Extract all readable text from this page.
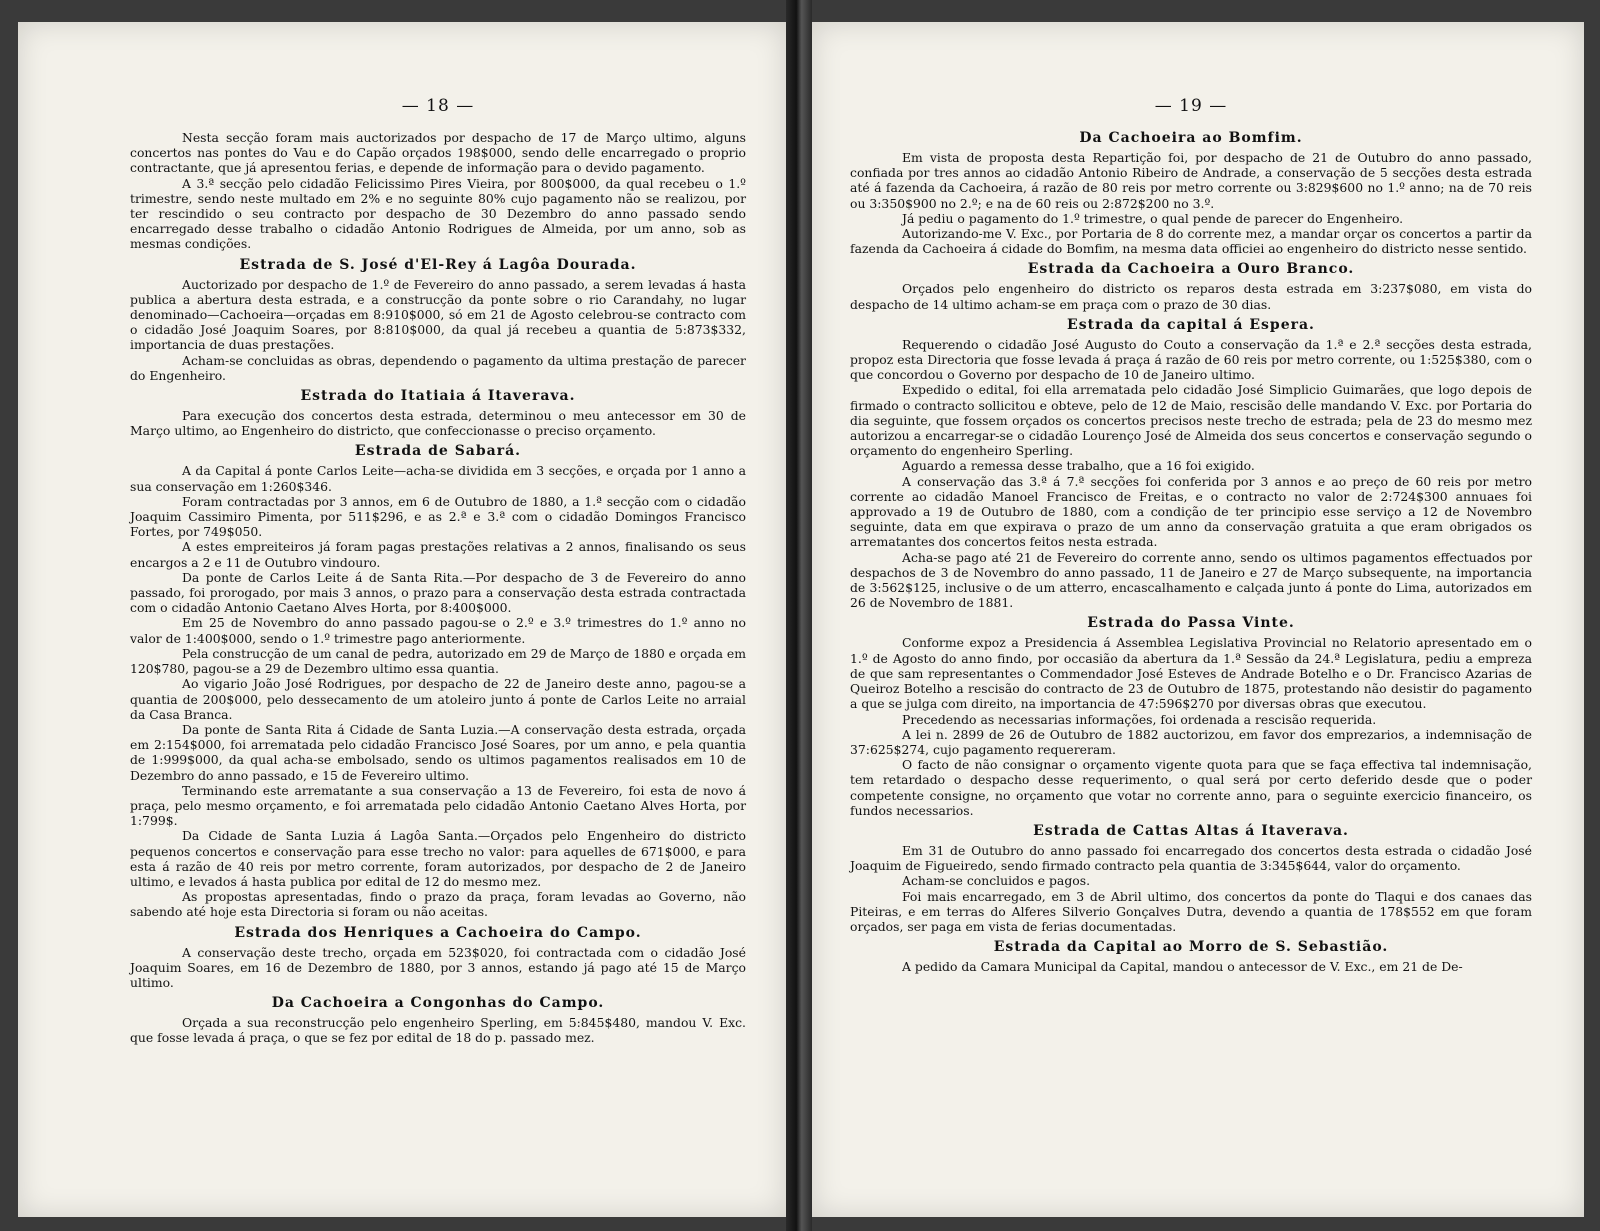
— 18 —

Nesta secção foram mais auctorizados por despacho de 17 de Março ultimo, alguns concertos nas pontes do Vau e do Capão orçados 198$000, sendo delle encarregado o proprio contractante, que já apresentou ferias, e depende de informação para o devido pagamento.

A 3.ª secção pelo cidadão Felicissimo Pires Vieira, por 800$000, da qual recebeu o 1.º trimestre, sendo neste multado em 2% e no seguinte 80% cujo pagamento não se realizou, por ter rescindido o seu contracto por despacho de 30 Dezembro do anno passado sendo encarregado desse trabalho o cidadão Antonio Rodrigues de Almeida, por um anno, sob as mesmas condições.

Estrada de S. José d'El-Rey á Lagôa Dourada.

Auctorizado por despacho de 1.º de Fevereiro do anno passado, a serem levadas á hasta publica a abertura desta estrada, e a construcção da ponte sobre o rio Carandahy, no lugar denominado—Cachoeira—orçadas em 8:910$000, só em 21 de Agosto celebrou-se contracto com o cidadão José Joaquim Soares, por 8:810$000, da qual já recebeu a quantia de 5:873$332, importancia de duas prestações.

Acham-se concluidas as obras, dependendo o pagamento da ultima prestação de parecer do Engenheiro.

Estrada do Itatiaia á Itaverava.

Para execução dos concertos desta estrada, determinou o meu antecessor em 30 de Março ultimo, ao Engenheiro do districto, que confeccionasse o preciso orçamento.

Estrada de Sabará.

A da Capital á ponte Carlos Leite—acha-se dividida em 3 secções, e orçada por 1 anno a sua conservação em 1:260$346.

Foram contractadas por 3 annos, em 6 de Outubro de 1880, a 1.ª secção com o cidadão Joaquim Cassimiro Pimenta, por 511$296, e as 2.ª e 3.ª com o cidadão Domingos Francisco Fortes, por 749$050.

A estes empreiteiros já foram pagas prestações relativas a 2 annos, finalisando os seus encargos a 2 e 11 de Outubro vindouro.

Da ponte de Carlos Leite á de Santa Rita.—Por despacho de 3 de Fevereiro do anno passado, foi prorogado, por mais 3 annos, o prazo para a conservação desta estrada contractada com o cidadão Antonio Caetano Alves Horta, por 8:400$000.

Em 25 de Novembro do anno passado pagou-se o 2.º e 3.º trimestres do 1.º anno no valor de 1:400$000, sendo o 1.º trimestre pago anteriormente.

Pela construcção de um canal de pedra, autorizado em 29 de Março de 1880 e orçada em 120$780, pagou-se a 29 de Dezembro ultimo essa quantia.

Ao vigario João José Rodrigues, por despacho de 22 de Janeiro deste anno, pagou-se a quantia de 200$000, pelo dessecamento de um atoleiro junto á ponte de Carlos Leite no arraial da Casa Branca.

Da ponte de Santa Rita á Cidade de Santa Luzia.—A conservação desta estrada, orçada em 2:154$000, foi arrematada pelo cidadão Francisco José Soares, por um anno, e pela quantia de 1:999$000, da qual acha-se embolsado, sendo os ultimos pagamentos realisados em 10 de Dezembro do anno passado, e 15 de Fevereiro ultimo.

Terminando este arrematante a sua conservação a 13 de Fevereiro, foi esta de novo á praça, pelo mesmo orçamento, e foi arrematada pelo cidadão Antonio Caetano Alves Horta, por 1:799$.

Da Cidade de Santa Luzia á Lagôa Santa.—Orçados pelo Engenheiro do districto pequenos concertos e conservação para esse trecho no valor: para aquelles de 671$000, e para esta á razão de 40 reis por metro corrente, foram autorizados, por despacho de 2 de Janeiro ultimo, e levados á hasta publica por edital de 12 do mesmo mez.

As propostas apresentadas, findo o prazo da praça, foram levadas ao Governo, não sabendo até hoje esta Directoria si foram ou não aceitas.

Estrada dos Henriques a Cachoeira do Campo.

A conservação deste trecho, orçada em 523$020, foi contractada com o cidadão José Joaquim Soares, em 16 de Dezembro de 1880, por 3 annos, estando já pago até 15 de Março ultimo.

Da Cachoeira a Congonhas do Campo.

Orçada a sua reconstrucção pelo engenheiro Sperling, em 5:845$480, mandou V. Exc. que fosse levada á praça, o que se fez por edital de 18 do p. passado mez.

— 19 —
Da Cachoeira ao Bomfim.

Em vista de proposta desta Repartição foi, por despacho de 21 de Outubro do anno passado, confiada por tres annos ao cidadão Antonio Ribeiro de Andrade, a conservação de 5 secções desta estrada até á fazenda da Cachoeira, á razão de 80 reis por metro corrente ou 3:829$600 no 1.º anno; na de 70 reis ou 3:350$900 no 2.º; e na de 60 reis ou 2:872$200 no 3.º.

Já pediu o pagamento do 1.º trimestre, o qual pende de parecer do Engenheiro.

Autorizando-me V. Exc., por Portaria de 8 do corrente mez, a mandar orçar os concertos a partir da fazenda da Cachoeira á cidade do Bomfim, na mesma data officiei ao engenheiro do districto nesse sentido.

Estrada da Cachoeira a Ouro Branco.

Orçados pelo engenheiro do districto os reparos desta estrada em 3:237$080, em vista do despacho de 14 ultimo acham-se em praça com o prazo de 30 dias.

Estrada da capital á Espera.

Requerendo o cidadão José Augusto do Couto a conservação da 1.ª e 2.ª secções desta estrada, propoz esta Directoria que fosse levada á praça á razão de 60 reis por metro corrente, ou 1:525$380, com o que concordou o Governo por despacho de 10 de Janeiro ultimo.

Expedido o edital, foi ella arrematada pelo cidadão José Simplicio Guimarães, que logo depois de firmado o contracto sollicitou e obteve, pelo de 12 de Maio, rescisão delle mandando V. Exc. por Portaria do dia seguinte, que fossem orçados os concertos precisos neste trecho de estrada; pela de 23 do mesmo mez autorizou a encarregar-se o cidadão Lourenço José de Almeida dos seus concertos e conservação segundo o orçamento do engenheiro Sperling.

Aguardo a remessa desse trabalho, que a 16 foi exigido.

A conservação das 3.ª á 7.ª secções foi conferida por 3 annos e ao preço de 60 reis por metro corrente ao cidadão Manoel Francisco de Freitas, e o contracto no valor de 2:724$300 annuaes foi approvado a 19 de Outubro de 1880, com a condição de ter principio esse serviço a 12 de Novembro seguinte, data em que expirava o prazo de um anno da conservação gratuita a que eram obrigados os arrematantes dos concertos feitos nesta estrada.

Acha-se pago até 21 de Fevereiro do corrente anno, sendo os ultimos pagamentos effectuados por despachos de 3 de Novembro do anno passado, 11 de Janeiro e 27 de Março subsequente, na importancia de 3:562$125, inclusive o de um atterro, encascalhamento e calçada junto á ponte do Lima, autorizados em 26 de Novembro de 1881.

Estrada do Passa Vinte.

Conforme expoz a Presidencia á Assemblea Legislativa Provincial no Relatorio apresentado em o 1.º de Agosto do anno findo, por occasião da abertura da 1.ª Sessão da 24.ª Legislatura, pediu a empreza de que sam representantes o Commendador José Esteves de Andrade Botelho e o Dr. Francisco Azarias de Queiroz Botelho a rescisão do contracto de 23 de Outubro de 1875, protestando não desistir do pagamento a que se julga com direito, na importancia de 47:596$270 por diversas obras que executou.

Precedendo as necessarias informações, foi ordenada a rescisão requerida.

A lei n. 2899 de 26 de Outubro de 1882 auctorizou, em favor dos emprezarios, a indemnisação de 37:625$274, cujo pagamento requereram.

O facto de não consignar o orçamento vigente quota para que se faça effectiva tal indemnisação, tem retardado o despacho desse requerimento, o qual será por certo deferido desde que o poder competente consigne, no orçamento que votar no corrente anno, para o seguinte exercicio financeiro, os fundos necessarios.

Estrada de Cattas Altas á Itaverava.

Em 31 de Outubro do anno passado foi encarregado dos concertos desta estrada o cidadão José Joaquim de Figueiredo, sendo firmado contracto pela quantia de 3:345$644, valor do orçamento.

Acham-se concluidos e pagos.

Foi mais encarregado, em 3 de Abril ultimo, dos concertos da ponte do Tlaqui e dos canaes das Piteiras, e em terras do Alferes Silverio Gonçalves Dutra, devendo a quantia de 178$552 em que foram orçados, ser paga em vista de ferias documentadas.

Estrada da Capital ao Morro de S. Sebastião.

A pedido da Camara Municipal da Capital, mandou o antecessor de V. Exc., em 21 de De-
